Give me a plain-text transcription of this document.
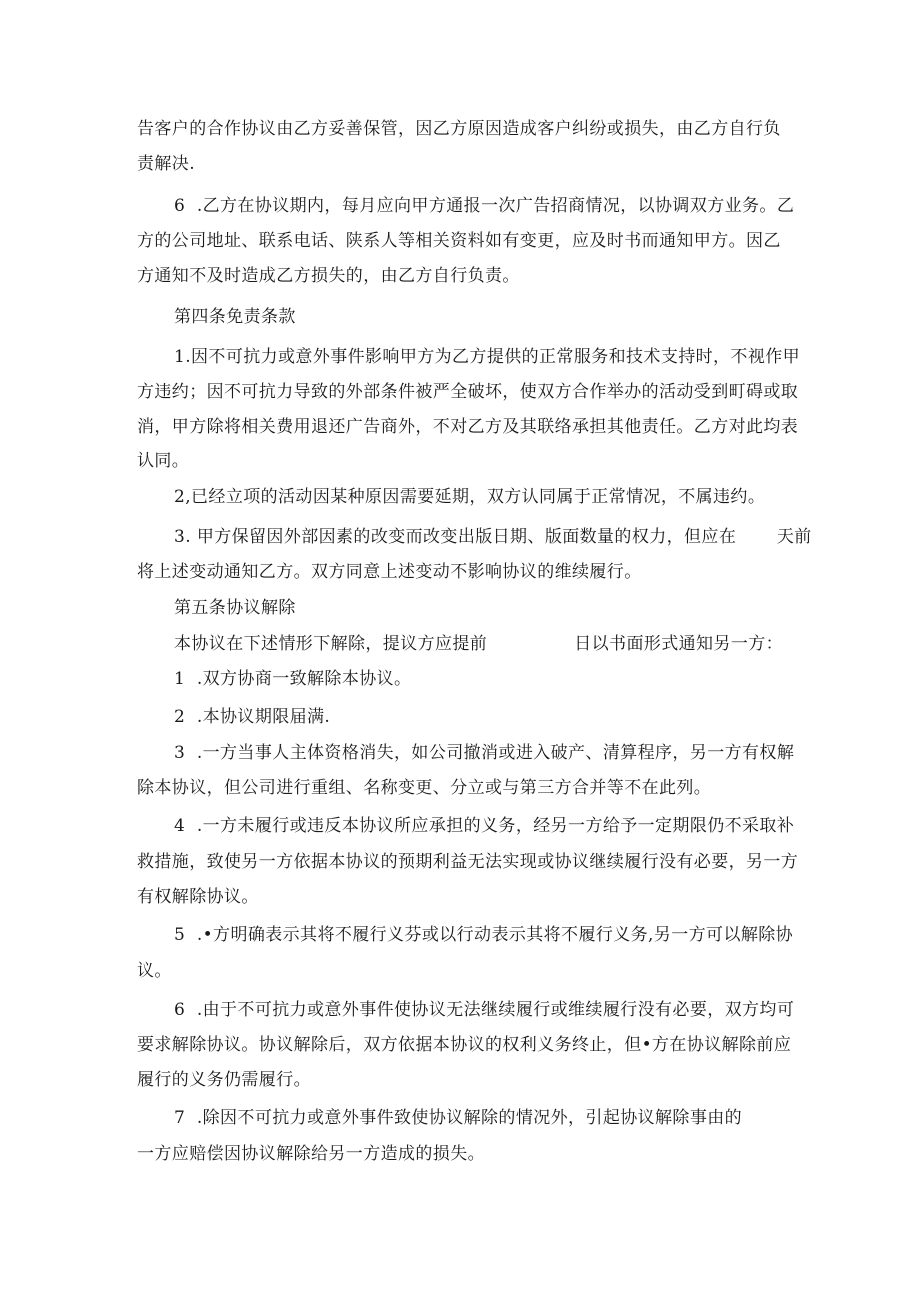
告客户的合作协议由乙方妥善保管，因乙方原因造成客户纠纷或损失，由乙方自行负
责解决.
6  .乙方在协议期内，每月应向甲方通报一次广告招商情况，以协调双方业务。乙
方的公司地址、联系电话、陕系人等相关资料如有变更，应及时书而通知甲方。因乙
方通知不及时造成乙方损失的，由乙方自行负责。
第四条免责条款
1.因不可抗力或意外事件影响甲方为乙方提供的正常服务和技术支持时，不视作甲
方违约；因不可抗力导致的外部条件被严全破坏，使双方合作举办的活动受到町碍或取
消，甲方除将相关费用退还广告商外，不对乙方及其联络承担其他责任。乙方对此均表
认同。
2,已经立项的活动因某种原因需要延期，双方认同属于正常情况，不属违约。
3. 甲方保留因外部因素的改变而改变出版日期、版面数量的权力，但应在       天前
将上述变动通知乙方。双方同意上述变动不影响协议的维续履行。
第五条协议解除
本协议在下述情形下解除，提议方应提前               日以书面形式通知另一方：
1  .双方协商一致解除本协议。
2  .本协议期限届满.
3  .一方当事人主体资格消失，如公司撤消或进入破产、清算程序，另一方有权解
除本协议，但公司进行重组、名称变更、分立或与第三方合并等不在此列。
4  .一方未履行或违反本协议所应承担的义务，经另一方给予一定期限仍不采取补
救措施，致使另一方依据本协议的预期利益无法实现或协议继续履行没有必要，另一方
有权解除协议。
5  .•方明确表示其将不履行义芬或以行动表示其将不履行义务,另一方可以解除协
议。
6  .由于不可抗力或意外事件使协议无法继续履行或维续履行没有必要，双方均可
要求解除协议。协议解除后，双方依据本协议的权利义务终止，但•方在协议解除前应
履行的义务仍需履行。
7  .除因不可抗力或意外事件致使协议解除的情况外，引起协议解除事由的
一方应赔偿因协议解除给另一方造成的损失。
